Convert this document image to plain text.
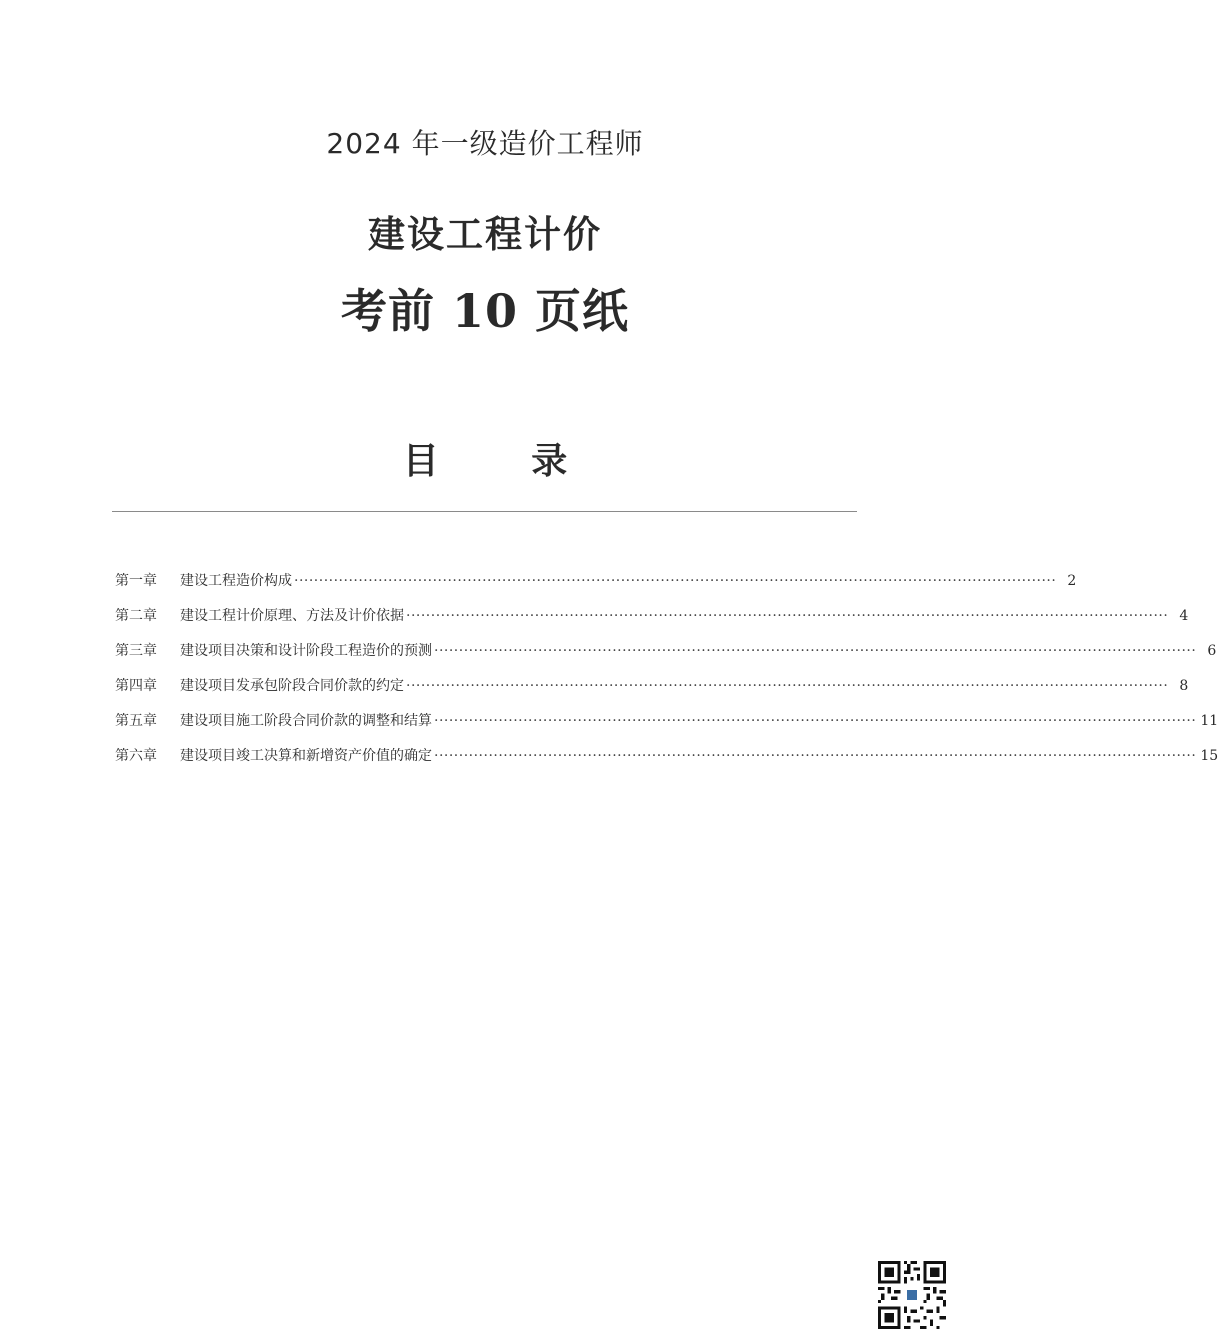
2024 年一级造价工程师
建设工程计价
考前 10 页纸
目 录
第一章	建设工程造价构成 ·························································································································································· 2
第二章	建设工程计价原理、方法及计价依据 ·························································································································································· 4
第三章	建设项目决策和设计阶段工程造价的预测 ·························································································································································· 6
第四章	建设项目发承包阶段合同价款的约定 ·························································································································································· 8
第五章	建设项目施工阶段合同价款的调整和结算 ·························································································································································· 11
第六章	建设项目竣工决算和新增资产价值的确定 ·························································································································································· 15
